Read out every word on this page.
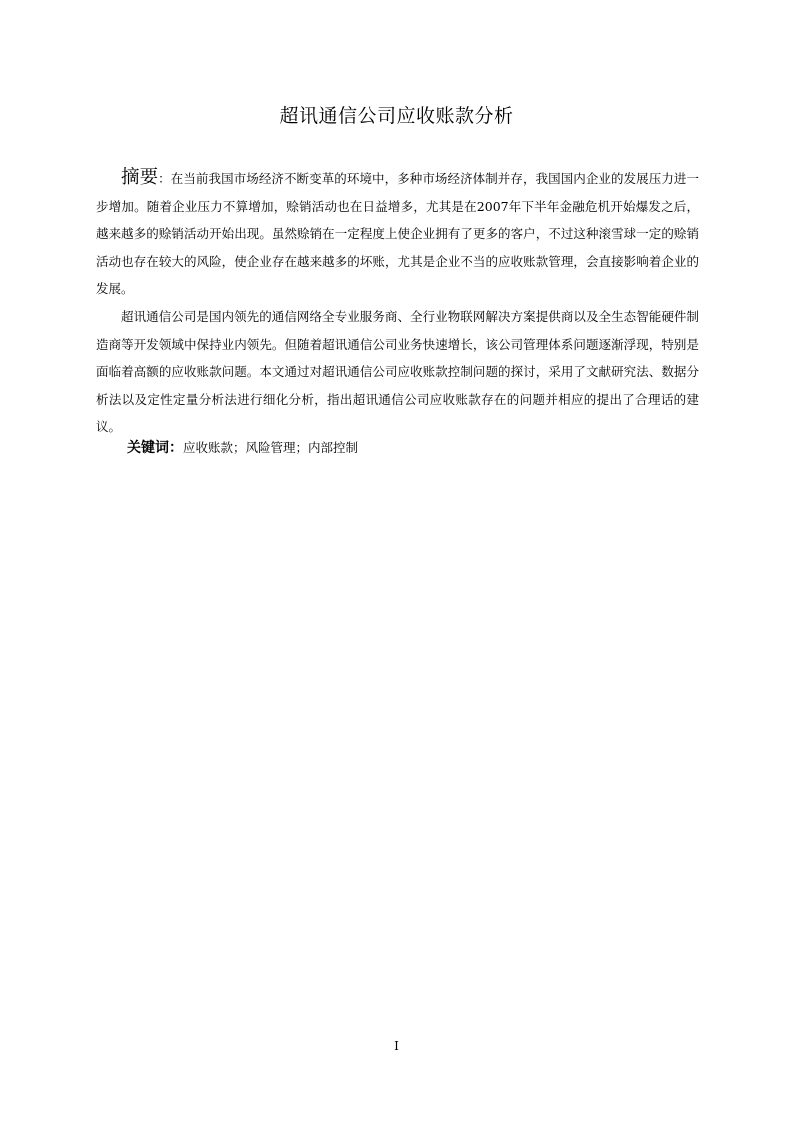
超讯通信公司应收账款分析

摘要：在当前我国市场经济不断变革的环境中，多种市场经济体制并存，我国国内企业的发展压力进一步增加。随着企业压力不算增加，赊销活动也在日益增多，尤其是在2007年下半年金融危机开始爆发之后，越来越多的赊销活动开始出现。虽然赊销在一定程度上使企业拥有了更多的客户，不过这种滚雪球一定的赊销活动也存在较大的风险，使企业存在越来越多的坏账，尤其是企业不当的应收账款管理，会直接影响着企业的发展。

超讯通信公司是国内领先的通信网络全专业服务商、全行业物联网解决方案提供商以及全生态智能硬件制造商等开发领域中保持业内领先。但随着超讯通信公司业务快速增长，该公司管理体系问题逐渐浮现，特别是面临着高额的应收账款问题。本文通过对超讯通信公司应收账款控制问题的探讨，采用了文献研究法、数据分析法以及定性定量分析法进行细化分析，指出超讯通信公司应收账款存在的问题并相应的提出了合理话的建议。

关键词：应收账款；风险管理；内部控制
I
